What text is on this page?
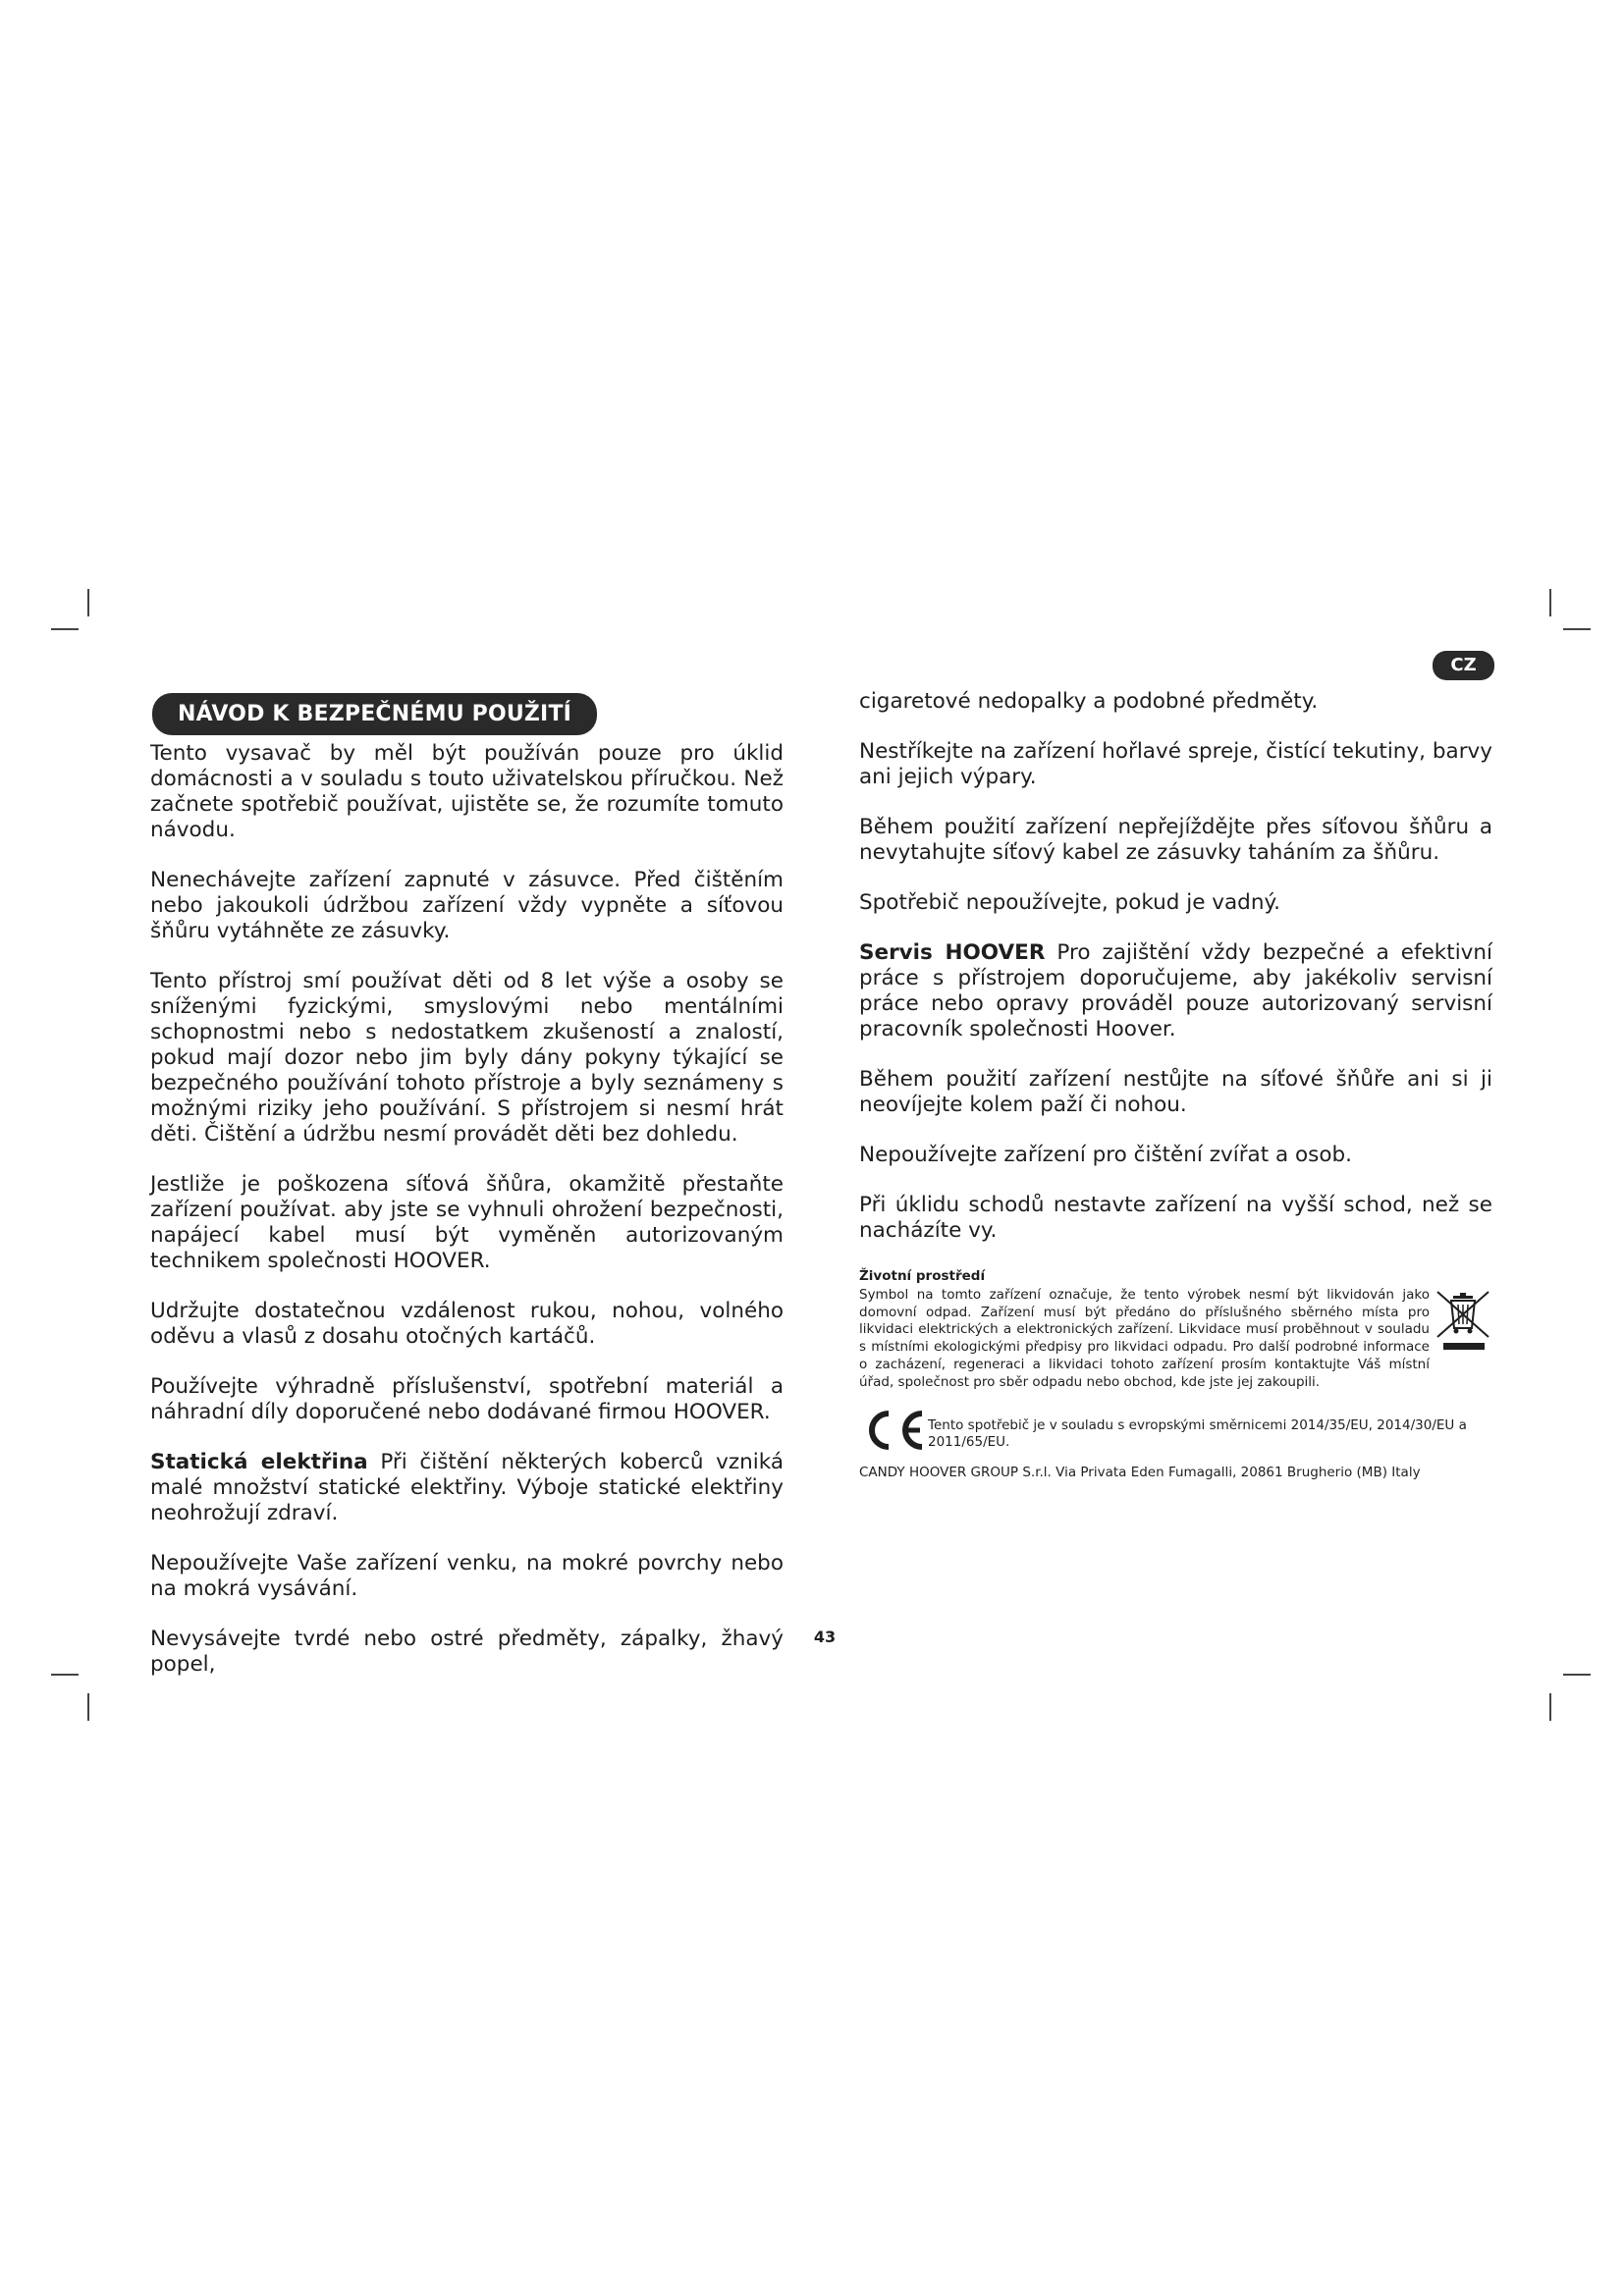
NÁVOD K BEZPEČNÉMU POUŽITÍ
CZ

Tento vysavač by měl být používán pouze pro úklid domácnosti a v souladu s touto uživatelskou příručkou. Než začnete spotřebič používat, ujistěte se, že rozumíte tomuto návodu.

Nenechávejte zařízení zapnuté v zásuvce. Před čištěním nebo jakoukoli údržbou zařízení vždy vypněte a síťovou šňůru vytáhněte ze zásuvky.

Tento přístroj smí používat děti od 8 let výše a osoby se sníženými fyzickými, smyslovými nebo mentálními schopnostmi nebo s nedostatkem zkušeností a znalostí, pokud mají dozor nebo jim byly dány pokyny týkající se bezpečného používání tohoto přístroje a byly seznámeny s možnými riziky jeho používání. S přístrojem si nesmí hrát děti. Čištění a údržbu nesmí provádět děti bez dohledu.

Jestliže je poškozena síťová šňůra, okamžitě přestaňte zařízení používat. aby jste se vyhnuli ohrožení bezpečnosti, napájecí kabel musí být vyměněn autorizovaným technikem společnosti HOOVER.

Udržujte dostatečnou vzdálenost rukou, nohou, volného oděvu a vlasů z dosahu otočných kartáčů.

Používejte výhradně příslušenství, spotřební materiál a náhradní díly doporučené nebo dodávané firmou HOOVER.

Statická elektřina Při čištění některých koberců vzniká malé množství statické elektřiny. Výboje statické elektřiny neohrožují zdraví.

Nepoužívejte Vaše zařízení venku, na mokré povrchy nebo na mokrá vysávání.

Nevysávejte tvrdé nebo ostré předměty, zápalky, žhavý popel,

cigaretové nedopalky a podobné předměty.

Nestříkejte na zařízení hořlavé spreje, čistící tekutiny, barvy ani jejich výpary.

Během použití zařízení nepřejíždějte přes síťovou šňůru a nevytahujte síťový kabel ze zásuvky taháním za šňůru.

Spotřebič nepoužívejte, pokud je vadný.

Servis HOOVER Pro zajištění vždy bezpečné a efektivní práce s přístrojem doporučujeme, aby jakékoliv servisní práce nebo opravy prováděl pouze autorizovaný servisní pracovník společnosti Hoover.

Během použití zařízení nestůjte na síťové šňůře ani si ji neovíjejte kolem paží či nohou.

Nepoužívejte zařízení pro čištění zvířat a osob.

Při úklidu schodů nestavte zařízení na vyšší schod, než se nacházíte vy.

Životní prostředí
Symbol na tomto zařízení označuje, že tento výrobek nesmí být likvidován jako domovní odpad. Zařízení musí být předáno do příslušného sběrného místa pro likvidaci elektrických a elektronických zařízení. Likvidace musí proběhnout v souladu s místními ekologickými předpisy pro likvidaci odpadu. Pro další podrobné informace o zacházení, regeneraci a likvidaci tohoto zařízení prosím kontaktujte Váš místní úřad, společnost pro sběr odpadu nebo obchod, kde jste jej zakoupili.
Tento spotřebič je v souladu s evropskými směrnicemi 2014/35/EU, 2014/30/EU a 2011/65/EU.
CANDY HOOVER GROUP S.r.l. Via Privata Eden Fumagalli, 20861 Brugherio (MB) Italy
43
